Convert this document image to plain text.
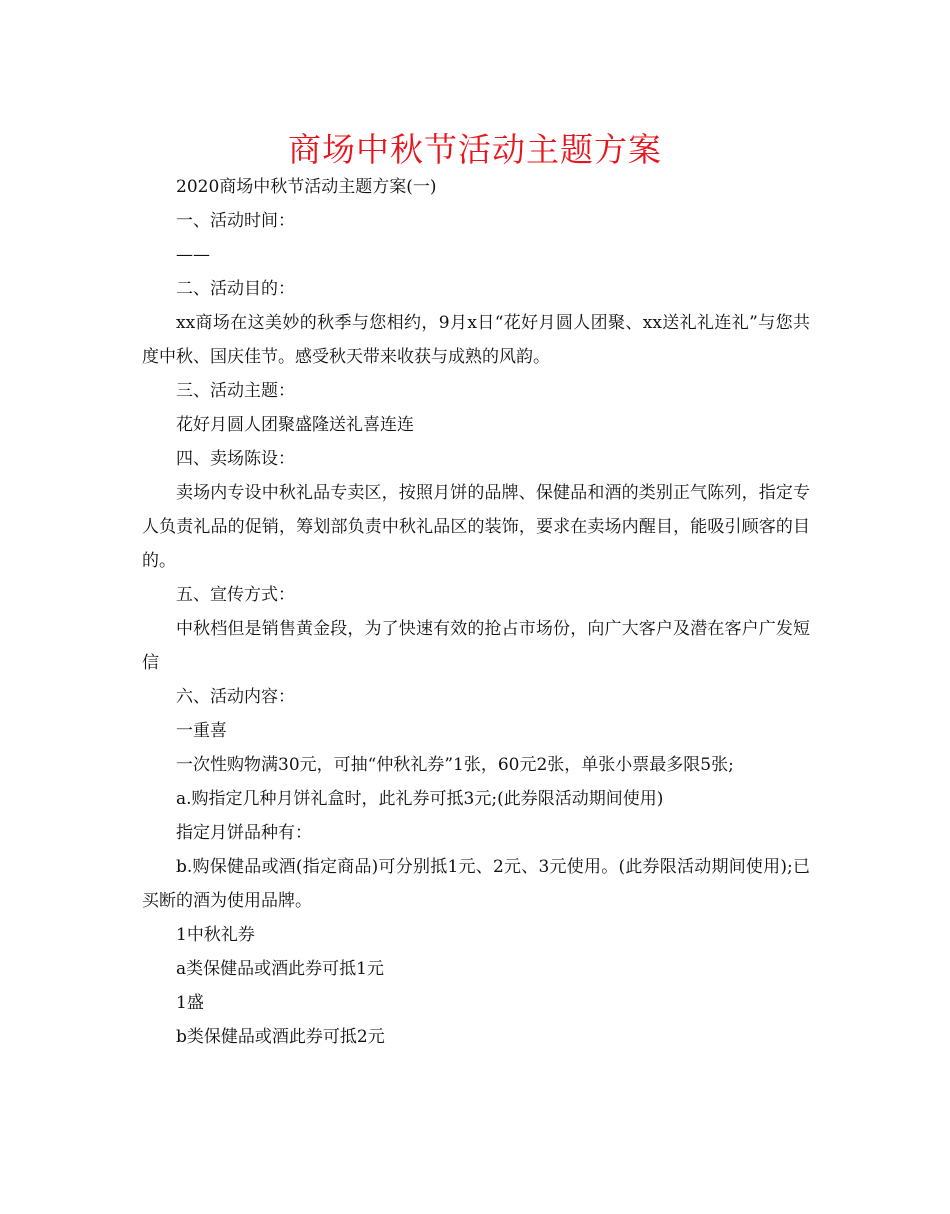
商场中秋节活动主题方案

2020商场中秋节活动主题方案(一)

一、活动时间：

——

二、活动目的：

xx商场在这美妙的秋季与您相约，9月x日“花好月圆人团聚、xx送礼礼连礼”与您共度中秋、国庆佳节。感受秋天带来收获与成熟的风韵。

三、活动主题：

花好月圆人团聚盛隆送礼喜连连

四、卖场陈设：

卖场内专设中秋礼品专卖区，按照月饼的品牌、保健品和酒的类别正气陈列，指定专人负责礼品的促销，筹划部负责中秋礼品区的装饰，要求在卖场内醒目，能吸引顾客的目的。

五、宣传方式：

中秋档但是销售黄金段，为了快速有效的抢占市场份，向广大客户及潜在客户广发短信

六、活动内容：

一重喜

一次性购物满30元，可抽“仲秋礼券”1张，60元2张，单张小票最多限5张;

a.购指定几种月饼礼盒时，此礼券可抵3元;(此券限活动期间使用)

指定月饼品种有：

b.购保健品或酒(指定商品)可分别抵1元、2元、3元使用。(此券限活动期间使用);已买断的酒为使用品牌。

1中秋礼券

a类保健品或酒此券可抵1元

1盛

b类保健品或酒此券可抵2元
